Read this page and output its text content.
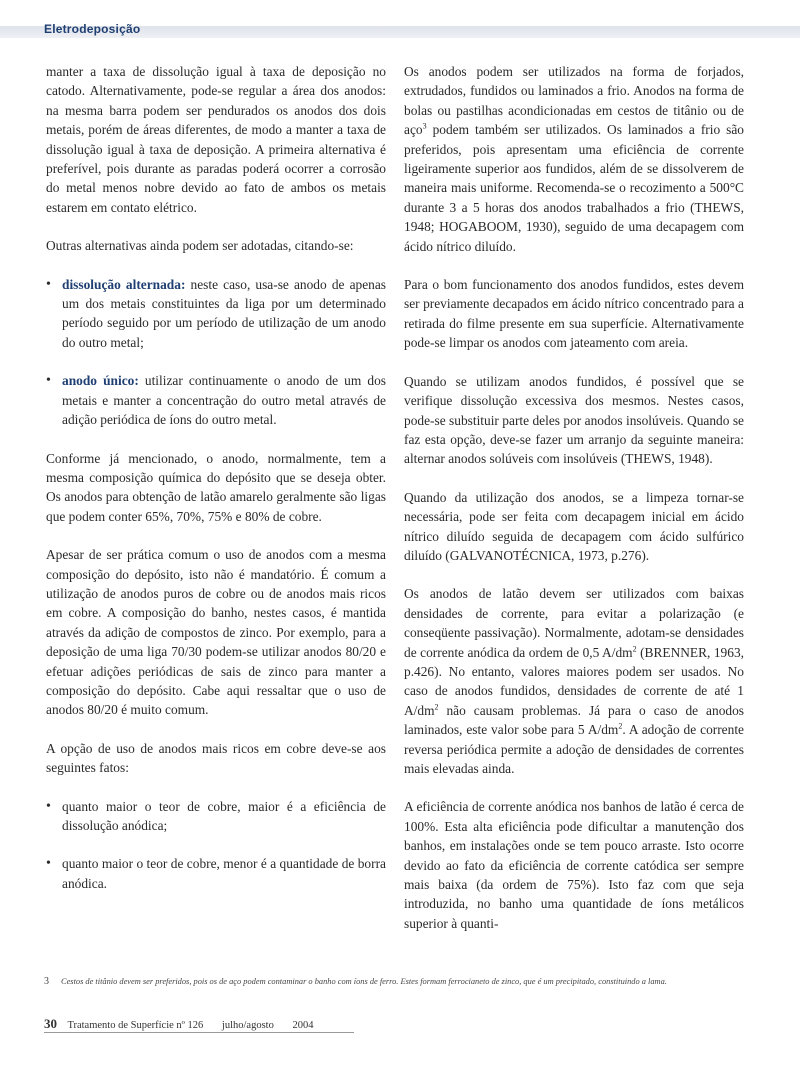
Eletrodeposição

manter a taxa de dissolução igual à taxa de deposição no catodo. Alternativamente, pode-se regular a área dos anodos: na mesma barra podem ser pendurados os anodos dos dois metais, porém de áreas diferentes, de modo a manter a taxa de dissolução igual à taxa de deposição. A primeira alternativa é preferível, pois durante as paradas poderá ocorrer a corrosão do metal menos nobre devido ao fato de ambos os metais estarem em contato elétrico.

Outras alternativas ainda podem ser adotadas, citando-se:

• dissolução alternada: neste caso, usa-se anodo de apenas um dos metais constituintes da liga por um determinado período seguido por um período de utilização de um anodo do outro metal;
• anodo único: utilizar continuamente o anodo de um dos metais e manter a concentração do outro metal através de adição periódica de íons do outro metal.

Conforme já mencionado, o anodo, normalmente, tem a mesma composição química do depósito que se deseja obter. Os anodos para obtenção de latão amarelo geralmente são ligas que podem conter 65%, 70%, 75% e 80% de cobre.

Apesar de ser prática comum o uso de anodos com a mesma composição do depósito, isto não é mandatório. É comum a utilização de anodos puros de cobre ou de anodos mais ricos em cobre. A composição do banho, nestes casos, é mantida através da adição de compostos de zinco. Por exemplo, para a deposição de uma liga 70/30 podem-se utilizar anodos 80/20 e efetuar adições periódicas de sais de zinco para manter a composição do depósito. Cabe aqui ressaltar que o uso de anodos 80/20 é muito comum.

A opção de uso de anodos mais ricos em cobre deve-se aos seguintes fatos:

• quanto maior o teor de cobre, maior é a eficiência de dissolução anódica;
• quanto maior o teor de cobre, menor é a quantidade de borra anódica.

Os anodos podem ser utilizados na forma de forjados, extrudados, fundidos ou laminados a frio. Anodos na forma de bolas ou pastilhas acondicionadas em cestos de titânio ou de aço$^3$ podem também ser utilizados. Os laminados a frio são preferidos, pois apresentam uma eficiência de corrente ligeiramente superior aos fundidos, além de se dissolverem de maneira mais uniforme. Recomenda-se o recozimento a 500°C durante 3 a 5 horas dos anodos trabalhados a frio (THEWS, 1948; HOGABOOM, 1930), seguido de uma decapagem com ácido nítrico diluído.

Para o bom funcionamento dos anodos fundidos, estes devem ser previamente decapados em ácido nítrico concentrado para a retirada do filme presente em sua superfície. Alternativamente pode-se limpar os anodos com jateamento com areia.

Quando se utilizam anodos fundidos, é possível que se verifique dissolução excessiva dos mesmos. Nestes casos, pode-se substituir parte deles por anodos insolúveis. Quando se faz esta opção, deve-se fazer um arranjo da seguinte maneira: alternar anodos solúveis com insolúveis (THEWS, 1948).

Quando da utilização dos anodos, se a limpeza tornar-se necessária, pode ser feita com decapagem inicial em ácido nítrico diluído seguida de decapagem com ácido sulfúrico diluído (GALVANOTÉCNICA, 1973, p.276).

Os anodos de latão devem ser utilizados com baixas densidades de corrente, para evitar a polarização (e conseqüente passivação). Normalmente, adotam-se densidades de corrente anódica da ordem de 0,5 $A/dm^2$ (BRENNER, 1963, p.426). No entanto, valores maiores podem ser usados. No caso de anodos fundidos, densidades de corrente de até 1 $A/dm^2$ não causam problemas. Já para o caso de anodos laminados, este valor sobe para 5 $A/dm^2$. A adoção de corrente reversa periódica permite a adoção de densidades de correntes mais elevadas ainda.

A eficiência de corrente anódica nos banhos de latão é cerca de 100%. Esta alta eficiência pode dificultar a manutenção dos banhos, em instalações onde se tem pouco arraste. Isto ocorre devido ao fato da eficiência de corrente catódica ser sempre mais baixa (da ordem de 75%). Isto faz com que seja introduzida, no banho uma quantidade de íons metálicos superior à quanti-

3 Cestos de titânio devem ser preferidos, pois os de aço podem contaminar o banho com íons de ferro. Estes formam ferrocianeto de zinco, que é um precipitado, constituindo a lama.
30 Tratamento de Superfície nº 126 julho/agosto 2004
